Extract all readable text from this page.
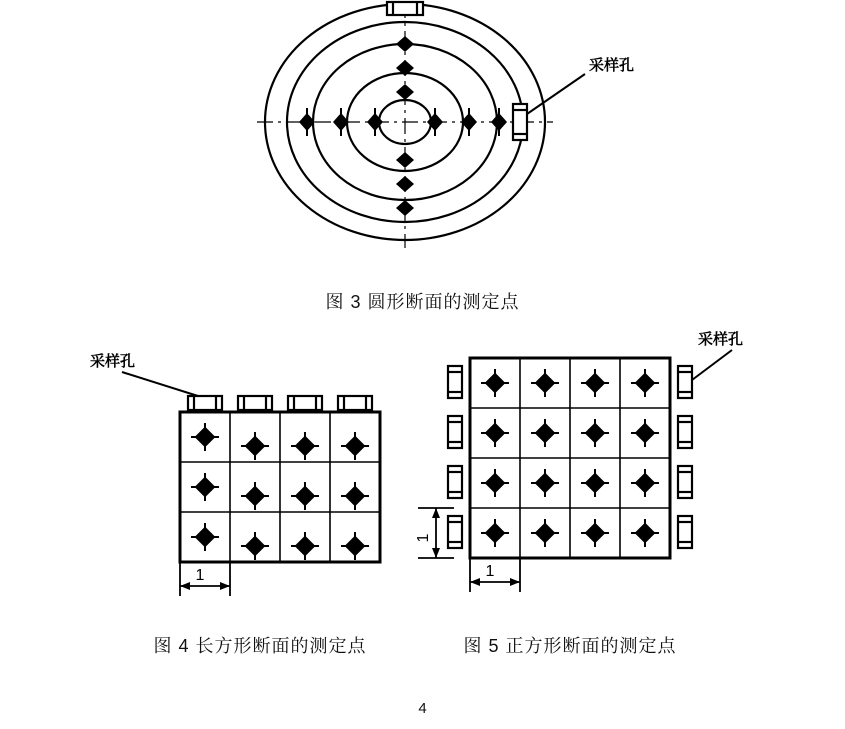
采样孔
图 3 圆形断面的测定点
1
采样孔
图 4 长方形断面的测定点
1
1
采样孔
图 5 正方形断面的测定点
4
